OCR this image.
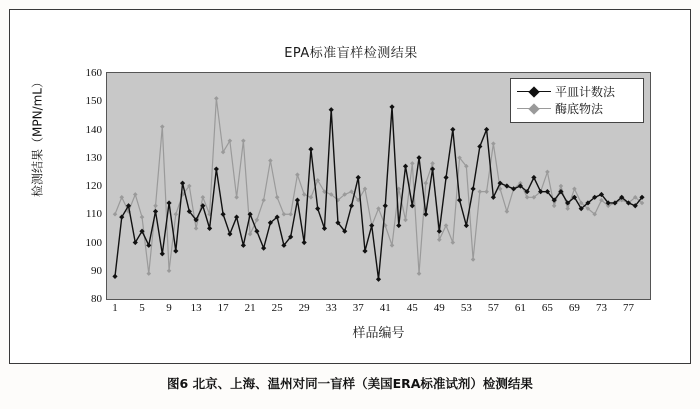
EPA标准盲样检测结果
检测结果（MPN/mL）
80
90
100
110
120
130
140
150
160
1 5 9 13 17 21 25 29 33 37 41 45 49 53 57 61 65 69 73 77
样品编号
平皿计数法
酶底物法
图6 北京、上海、温州对同一盲样（美国ERA标准试剂）检测结果
